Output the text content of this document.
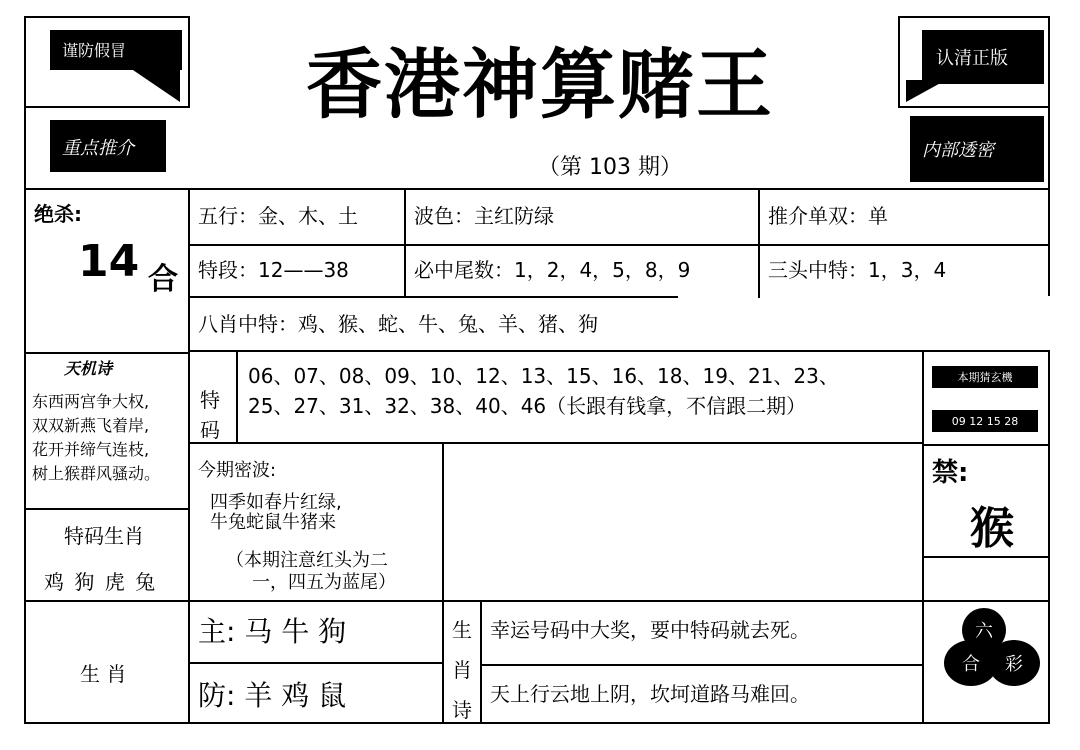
谨防假冒
重点推介
认清正版
内部透密
香港神算赌王
（第 103 期）
绝杀:
14 合
五行：金、木、土	波色：主红防绿	推介单双：单
特段：12——38	必中尾数：1，2，4，5，8，9	三头中特：1，3，4
八肖中特：鸡、猴、蛇、牛、兔、羊、猪、狗
天机诗
东西两宫争大权,
双双新燕飞着岸,
花开并缔气连枝,
树上猴群风骚动。
特
码
06、07、08、09、10、12、13、15、16、18、19、21、23、
25、27、31、32、38、40、46（长跟有钱拿，不信跟二期）
本期猜玄機
09 12 15 28
今期密波:
四季如春片红绿,
牛兔蛇鼠牛猪来
（本期注意红头为二
一，四五为蓝尾）
禁:
猴
特码生肖
鸡 狗 虎 兔
生 肖
主: 马 牛 狗
防: 羊 鸡 鼠
生
肖
诗
幸运号码中大奖，要中特码就去死。
天上行云地上阴，坎坷道路马难回。
六
合 彩
